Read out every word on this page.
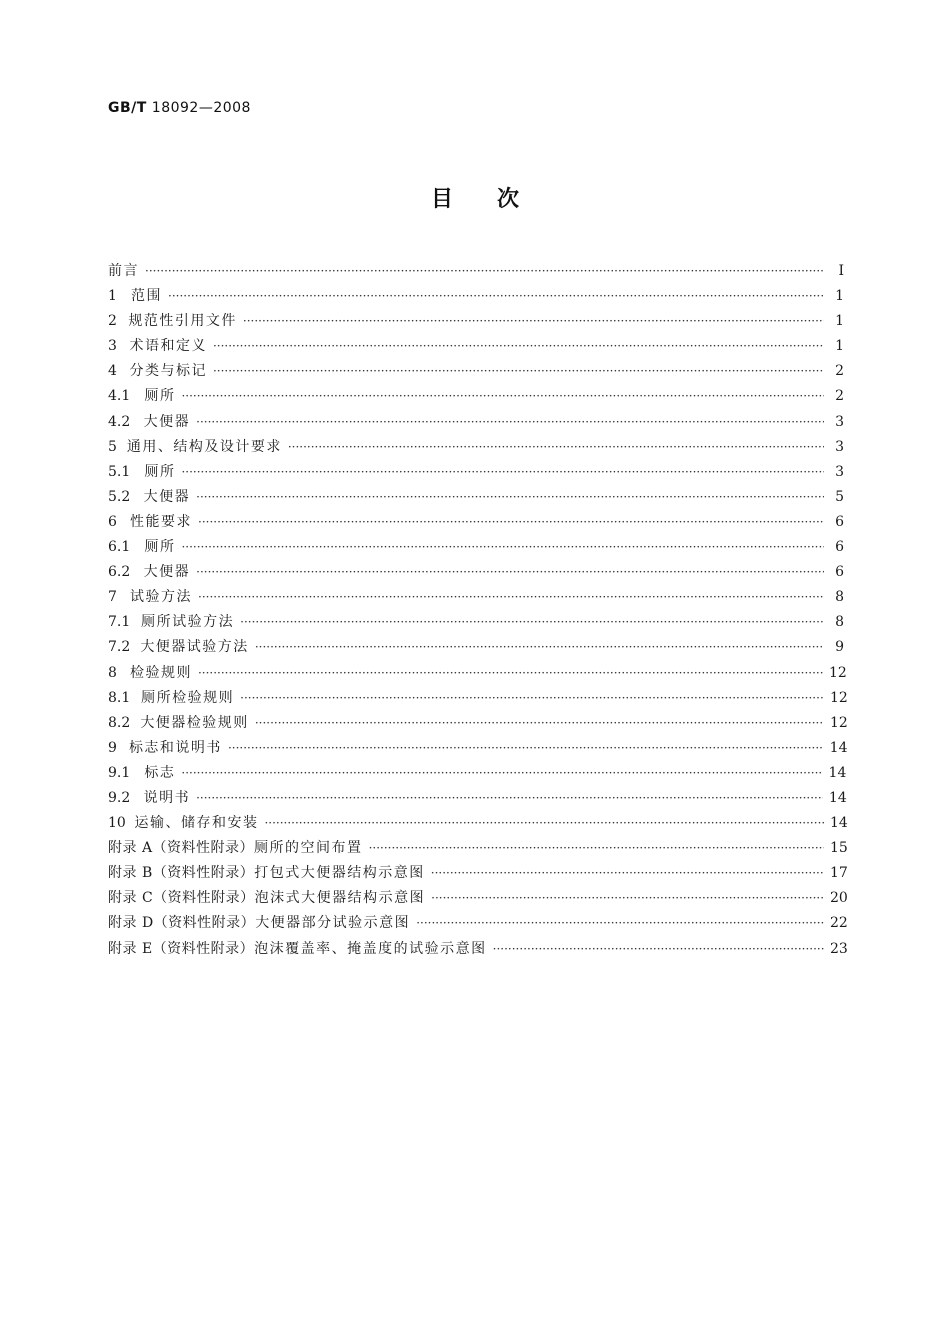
GB/T 18092—2008
目次
前言 ·····	Ⅰ
1	范围 ·····	1
2 规范性引用文件 ·····	1
3 术语和定义 ·····	1
4 分类与标记 ·····	2
4.1	厕所 ·····	2
4.2 大便器 ·····	3
5 通用、结构及设计要求 ·····	3
5.1	厕所 ·····	3
5.2 大便器 ·····	5
6 性能要求 ·····	6
6.1	厕所 ·····	6
6.2 大便器 ·····	6
7 试验方法 ·····	8
7.1 厕所试验方法 ·····	8
7.2 大便器试验方法 ·····	9
8 检验规则 ·····	12
8.1 厕所检验规则 ·····	12
8.2 大便器检验规则 ·····	12
9 标志和说明书 ·····	14
9.1	标志 ·····	14
9.2 说明书 ·····	14
10 运输、储存和安装 ·····	14
附录 A（资料性附录） 厕所的空间布置 ·····	15
附录 B（资料性附录） 打包式大便器结构示意图 ·····	17
附录 C（资料性附录） 泡沫式大便器结构示意图 ·····	20
附录 D（资料性附录） 大便器部分试验示意图 ·····	22
附录 E（资料性附录） 泡沫覆盖率、掩盖度的试验示意图 ·····	23
